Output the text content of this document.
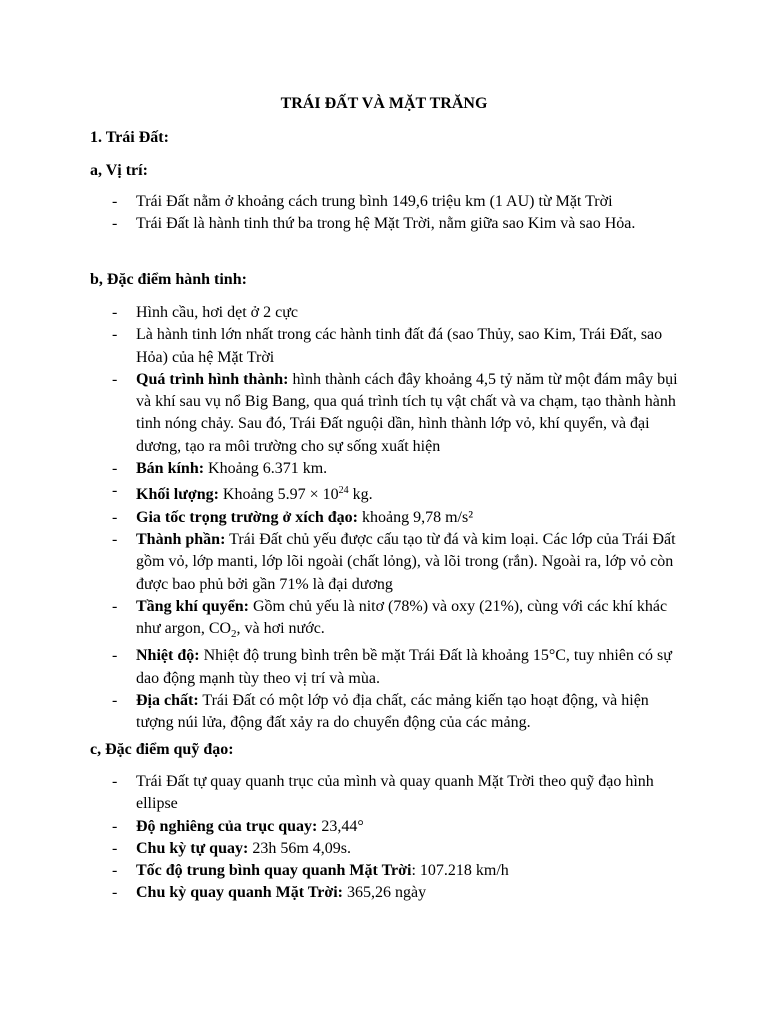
TRÁI ĐẤT VÀ MẶT TRĂNG
1. Trái Đất:
a, Vị trí:
- Trái Đất nằm ở khoảng cách trung bình 149,6 triệu km (1 AU) từ Mặt Trời
- Trái Đất là hành tinh thứ ba trong hệ Mặt Trời, nằm giữa sao Kim và sao Hỏa.
b, Đặc điểm hành tinh:
- Hình cầu, hơi dẹt ở 2 cực
- Là hành tinh lớn nhất trong các hành tinh đất đá (sao Thủy, sao Kim, Trái Đất, sao Hỏa) của hệ Mặt Trời
- Quá trình hình thành: hình thành cách đây khoảng 4,5 tỷ năm từ một đám mây bụi và khí sau vụ nổ Big Bang, qua quá trình tích tụ vật chất và va chạm, tạo thành hành tinh nóng chảy. Sau đó, Trái Đất nguội dần, hình thành lớp vỏ, khí quyển, và đại dương, tạo ra môi trường cho sự sống xuất hiện
- Bán kính: Khoảng 6.371 km.
- Khối lượng: Khoảng $5.97 \times 10^{24}$ kg.
- Gia tốc trọng trường ở xích đạo: khoảng 9,78 m/s²
- Thành phần: Trái Đất chủ yếu được cấu tạo từ đá và kim loại. Các lớp của Trái Đất gồm vỏ, lớp manti, lớp lõi ngoài (chất lỏng), và lõi trong (rắn). Ngoài ra, lớp vỏ còn được bao phủ bởi gần 71% là đại dương
- Tầng khí quyển: Gồm chủ yếu là nitơ (78%) và oxy (21%), cùng với các khí khác như argon, $CO_2$, và hơi nước.
- Nhiệt độ: Nhiệt độ trung bình trên bề mặt Trái Đất là khoảng 15°C, tuy nhiên có sự dao động mạnh tùy theo vị trí và mùa.
- Địa chất: Trái Đất có một lớp vỏ địa chất, các mảng kiến tạo hoạt động, và hiện tượng núi lửa, động đất xảy ra do chuyển động của các mảng.
c, Đặc điểm quỹ đạo:
- Trái Đất tự quay quanh trục của mình và quay quanh Mặt Trời theo quỹ đạo hình ellipse
- Độ nghiêng của trục quay: 23,44°
- Chu kỳ tự quay: 23h 56m 4,09s.
- Tốc độ trung bình quay quanh Mặt Trời: 107.218 km/h
- Chu kỳ quay quanh Mặt Trời: 365,26 ngày
